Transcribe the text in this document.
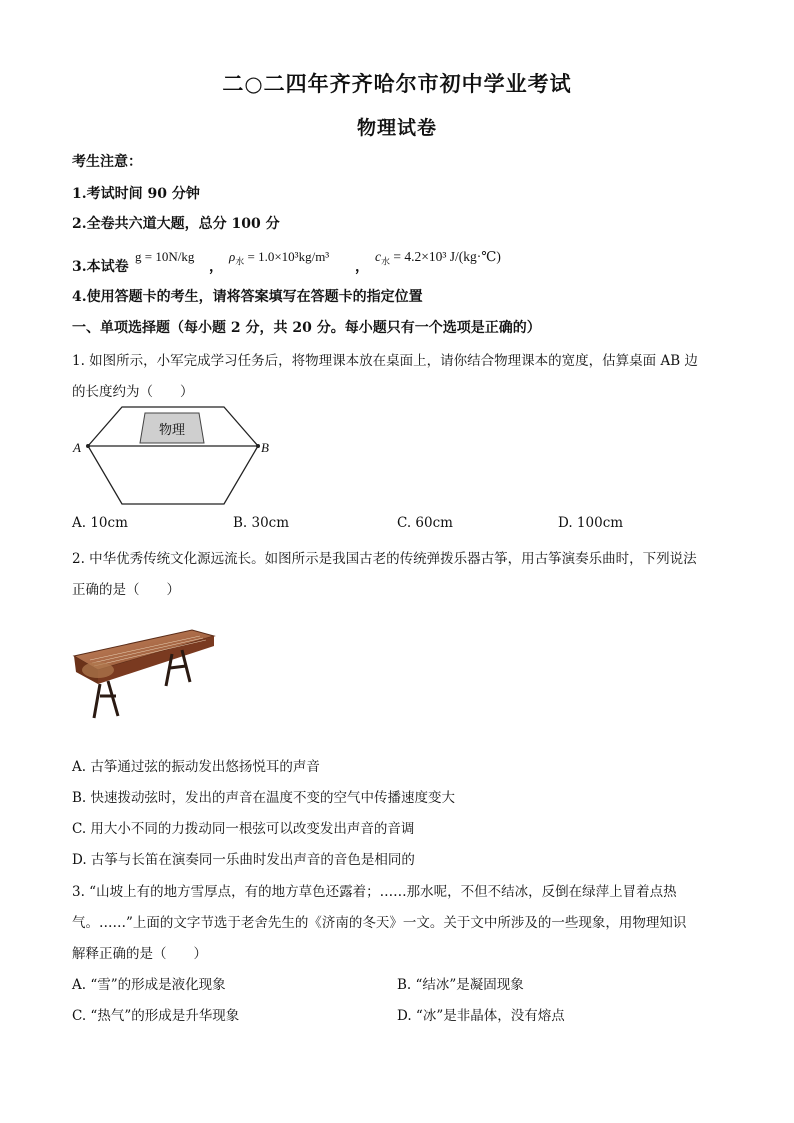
二○二四年齐齐哈尔市初中学业考试
物理试卷
考生注意：
1.考试时间 90 分钟
2.全卷共六道大题，总分 100 分
3.本试卷
g = 10N/kg
，
$\rho_水 = 1.0\times 10^3kg/m^3$
，
$c_水 = 4.2\times 10^3$ J/(kg·℃)
4.使用答题卡的考生，请将答案填写在答题卡的指定位置
一、单项选择题（每小题 2 分，共 20 分。每小题只有一个选项是正确的）
1. 如图所示，小军完成学习任务后，将物理课本放在桌面上，请你结合物理课本的宽度，估算桌面 AB 边
的长度约为（　　）
物理
A	B
A. 10cm	B. 30cm	C. 60cm	D. 100cm
2. 中华优秀传统文化源远流长。如图所示是我国古老的传统弹拨乐器古筝，用古筝演奏乐曲时，下列说法
正确的是（　　）
A. 古筝通过弦的振动发出悠扬悦耳的声音
B. 快速拨动弦时，发出的声音在温度不变的空气中传播速度变大
C. 用大小不同的力拨动同一根弦可以改变发出声音的音调
D. 古筝与长笛在演奏同一乐曲时发出声音的音色是相同的
3. “山坡上有的地方雪厚点，有的地方草色还露着；……那水呢，不但不结冰，反倒在绿萍上冒着点热
气。……”上面的文字节选于老舍先生的《济南的冬天》一文。关于文中所涉及的一些现象，用物理知识
解释正确的是（　　）
A. “雪”的形成是液化现象	B. “结冰”是凝固现象
C. “热气”的形成是升华现象	D. “冰”是非晶体，没有熔点
